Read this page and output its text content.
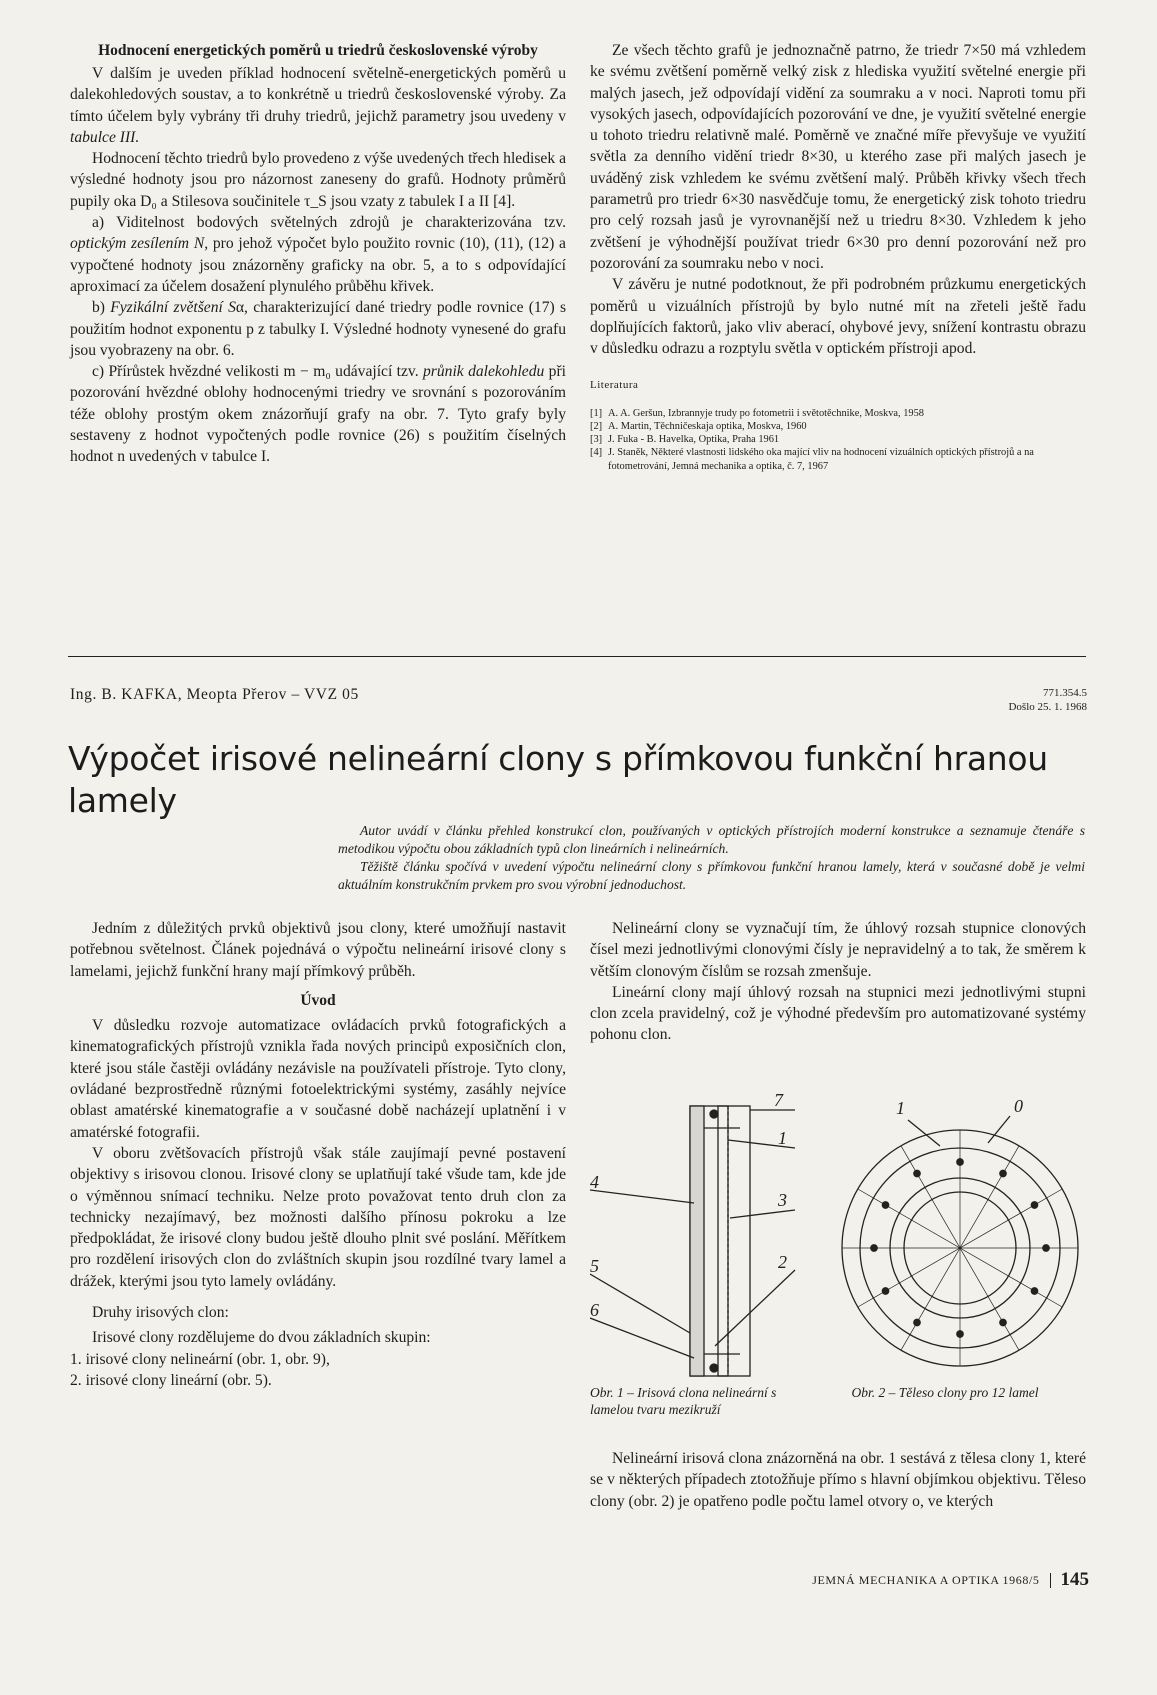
Hodnocení energetických poměrů u triedrů československé výroby

V dalším je uveden příklad hodnocení světelně-energetických poměrů u dalekohledových soustav, a to konkrétně u triedrů československé výroby. Za tímto účelem byly vybrány tři druhy triedrů, jejichž parametry jsou uvedeny v tabulce III.

Hodnocení těchto triedrů bylo provedeno z výše uvedených třech hledisek a výsledné hodnoty jsou pro názornost zaneseny do grafů. Hodnoty průměrů pupily oka D₀ a Stilesova součinitele τ_S jsou vzaty z tabulek I a II [4].

a) Viditelnost bodových světelných zdrojů je charakterizována tzv. optickým zesílením N, pro jehož výpočet bylo použito rovnic (10), (11), (12) a vypočtené hodnoty jsou znázorněny graficky na obr. 5, a to s odpovídající aproximací za účelem dosažení plynulého průběhu křivek.

b) Fyzikální zvětšení Sα, charakterizující dané triedry podle rovnice (17) s použitím hodnot exponentu p z tabulky I. Výsledné hodnoty vynesené do grafu jsou vyobrazeny na obr. 6.

c) Přírůstek hvězdné velikosti m − m₀ udávající tzv. průnik dalekohledu při pozorování hvězdné oblohy hodnocenými triedry ve srovnání s pozorováním téže oblohy prostým okem znázorňují grafy na obr. 7. Tyto grafy byly sestaveny z hodnot vypočtených podle rovnice (26) s použitím číselných hodnot n uvedených v tabulce I.

Ze všech těchto grafů je jednoznačně patrno, že triedr 7×50 má vzhledem ke svému zvětšení poměrně velký zisk z hlediska využití světelné energie při malých jasech, jež odpovídají vidění za soumraku a v noci. Naproti tomu při vysokých jasech, odpovídajících pozorování ve dne, je využití světelné energie u tohoto triedru relativně malé. Poměrně ve značné míře převyšuje ve využití světla za denního vidění triedr 8×30, u kterého zase při malých jasech je uváděný zisk vzhledem ke svému zvětšení malý. Průběh křivky všech třech parametrů pro triedr 6×30 nasvědčuje tomu, že energetický zisk tohoto triedru pro celý rozsah jasů je vyrovnanější než u triedru 8×30. Vzhledem k jeho zvětšení je výhodnější používat triedr 6×30 pro denní pozorování než pro pozorování za soumraku nebo v noci.

V závěru je nutné podotknout, že při podrobném průzkumu energetických poměrů u vizuálních přístrojů by bylo nutné mít na zřeteli ještě řadu doplňujících faktorů, jako vliv aberací, ohybové jevy, snížení kontrastu obrazu v důsledku odrazu a rozptylu světla v optickém přístroji apod.

Literatura
[1] A. A. Geršun, Izbrannyje trudy po fotometrii i světotěchnike, Moskva, 1958
[2] A. Martin, Těchničeskaja optika, Moskva, 1960
[3] J. Fuka - B. Havelka, Optika, Praha 1961
[4] J. Staněk, Některé vlastnosti lidského oka mající vliv na hodnocení vizuálních optických přístrojů a na fotometrování, Jemná mechanika a optika, č. 7, 1967
Ing. B. KAFKA, Meopta Přerov – VVZ 05	771.354.5
Došlo 25. 1. 1968
Výpočet irisové nelineární clony s přímkovou funkční hranou lamely

Autor uvádí v článku přehled konstrukcí clon, používaných v optických přístrojích moderní konstrukce a seznamuje čtenáře s metodikou výpočtu obou základních typů clon lineárních i nelineárních.

Těžiště článku spočívá v uvedení výpočtu nelineární clony s přímkovou funkční hranou lamely, která v současné době je velmi aktuálním konstrukčním prvkem pro svou výrobní jednoduchost.

Jedním z důležitých prvků objektivů jsou clony, které umožňují nastavit potřebnou světelnost. Článek pojednává o výpočtu nelineární irisové clony s lamelami, jejichž funkční hrany mají přímkový průběh.

Úvod

V důsledku rozvoje automatizace ovládacích prvků fotografických a kinematografických přístrojů vznikla řada nových principů exposičních clon, které jsou stále častěji ovládány nezávisle na používateli přístroje. Tyto clony, ovládané bezprostředně různými fotoelektrickými systémy, zasáhly nejvíce oblast amatérské kinematografie a v současné době nacházejí uplatnění i v amatérské fotografii.

V oboru zvětšovacích přístrojů však stále zaujímají pevné postavení objektivy s irisovou clonou. Irisové clony se uplatňují také všude tam, kde jde o výměnnou snímací techniku. Nelze proto považovat tento druh clon za technicky nezajímavý, bez možnosti dalšího přínosu pokroku a lze předpokládat, že irisové clony budou ještě dlouho plnit své poslání. Měřítkem pro rozdělení irisových clon do zvláštních skupin jsou rozdílné tvary lamel a drážek, kterými jsou tyto lamely ovládány.

Druhy irisových clon:

Irisové clony rozdělujeme do dvou základních skupin:

1. irisové clony nelineární (obr. 1, obr. 9),

2. irisové clony lineární (obr. 5).

Nelineární clony se vyznačují tím, že úhlový rozsah stupnice clonových čísel mezi jednotlivými clonovými čísly je nepravidelný a to tak, že směrem k větším clonovým číslům se rozsah zmenšuje.

Lineární clony mají úhlový rozsah na stupnici mezi jednotlivými stupni clon zcela pravidelný, což je výhodné především pro automatizované systémy pohonu clon.

7
1
4
3
5	2
6
1	0
Obr. 1 – Irisová clona nelineární s lamelou tvaru mezikruží
Obr. 2 – Těleso clony pro 12 lamel

Nelineární irisová clona znázorněná na obr. 1 sestává z tělesa clony 1, které se v některých případech ztotožňuje přímo s hlavní objímkou objektivu. Těleso clony (obr. 2) je opatřeno podle počtu lamel otvory o, ve kterých

JEMNÁ MECHANIKA A OPTIKA 1968/5	145
